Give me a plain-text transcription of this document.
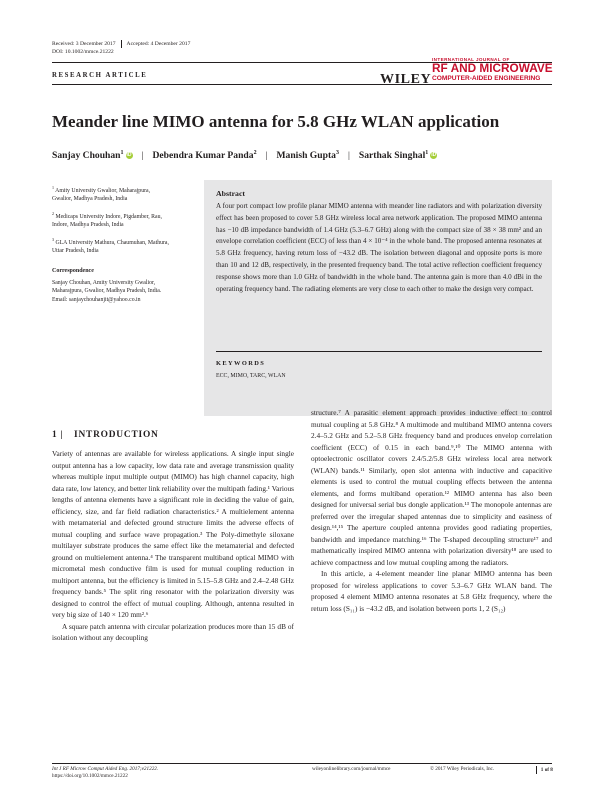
Received: 3 December 2017 Accepted: 4 December 2017
DOI: 10.1002/mmce.21222
RESEARCH ARTICLE	WILEY
INTERNATIONAL JOURNAL OF
RF AND MICROWAVE
COMPUTER-AIDED ENGINEERING
Meander line MIMO antenna for 5.8 GHz WLAN application
Sanjay Chouhan$^1$ iD | Debendra Kumar Panda$^2$ | Manish Gupta$^3$ | Sarthak Singhal$^1$ iD
$^1$ Amity University Gwalior, Maharajpura, Gwalior, Madhya Pradesh, India
$^2$ Medicaps University Indore, Pigdamber, Rau, Indore, Madhya Pradesh, India
$^3$ GLA University Mathura, Chaumuhan, Mathura, Uttar Pradesh, India
Correspondence
Sanjay Chouhan, Amity University Gwalior, Maharajpura, Gwalior, Madhya Pradesh, India.
Email: sanjaychouhanjit@yahoo.co.in
Abstract
A four port compact low profile planar MIMO antenna with meander line radiators and with polarization diversity effect has been proposed to cover 5.8 GHz wireless local area network application. The proposed MIMO antenna has −10 dB impedance bandwidth of 1.4 GHz (5.3–6.7 GHz) along with the compact size of 38 × 38 mm² and an envelope correlation coefficient (ECC) of less than 4 × 10⁻⁴ in the whole band. The proposed antenna resonates at 5.8 GHz frequency, having return loss of −43.2 dB. The isolation between diagonal and opposite ports is more than 10 and 12 dB, respectively, in the presented frequency band. The total active reflection coefficient frequency response shows more than 1.0 GHz of bandwidth in the whole band. The antenna gain is more than 4.0 dBi in the operating frequency band. The radiating elements are very close to each other to make the design very compact.
KEYWORDS
ECC, MIMO, TARC, WLAN
1 | INTRODUCTION

Variety of antennas are available for wireless applications. A single input single output antenna has a low capacity, low data rate and average transmission quality whereas multiple input multiple output (MIMO) has high channel capacity, high data rate, low latency, and better link reliability over the multipath fading.¹ Various lengths of antenna elements have a significant role in deciding the value of gain, efficiency, size, and far field radiation characteristics.² A multielement antenna with metamaterial and defected ground structure limits the adverse effects of mutual coupling and surface wave propagation.³ The Poly-dimethyle siloxane multilayer substrate produces the same effect like the metamaterial and defected ground on multielement antenna.⁴ The transparent multiband optical MIMO with micrometal mesh conductive film is used for mutual coupling reduction in multiport antenna, but the efficiency is limited in 5.15–5.8 GHz and 2.4–2.48 GHz frequency bands.⁵ The split ring resonator with the polarization diversity was designed to control the effect of mutual coupling. Although, antenna resulted in very big size of 140 × 120 mm².⁶

A square patch antenna with circular polarization produces more than 15 dB of isolation without any decoupling

structure.⁷ A parasitic element approach provides inductive effect to control mutual coupling at 5.8 GHz.⁸ A multimode and multiband MIMO antenna covers 2.4–5.2 GHz and 5.2–5.8 GHz frequency band and produces envelop correlation coefficient (ECC) of 0.15 in each band.⁹,¹⁰ The MIMO antenna with optoelectronic oscillator covers 2.4/5.2/5.8 GHz wireless local area network (WLAN) bands.¹¹ Similarly, open slot antenna with inductive and capacitive elements is used to control the mutual coupling effects between the antenna elements, and forms multiband operation.¹² MIMO antenna has also been designed for universal serial bus dongle application.¹³ The monopole antennas are preferred over the irregular shaped antennas due to simplicity and easiness of design.¹⁴,¹⁵ The aperture coupled antenna provides good radiating properties, bandwidth and impedance matching.¹⁶ The T-shaped decoupling structure¹⁷ and mathematically inspired MIMO antenna with polarization diversity¹⁸ are used to achieve compactness and low mutual coupling among the radiators.

In this article, a 4-element meander line planar MIMO antenna has been proposed for wireless applications to cover 5.3–6.7 GHz WLAN band. The proposed 4 element MIMO antenna resonates at 5.8 GHz frequency, where the return loss (S₁₁) is −43.2 dB, and isolation between ports 1, 2 (S₁₂)

Int J RF Microw Comput Aided Eng. 2017;e21222.
https://doi.org/10.1002/mmce.21222
wileyonlinelibrary.com/journal/mmce	© 2017 Wiley Periodicals, Inc.	1 of 8
